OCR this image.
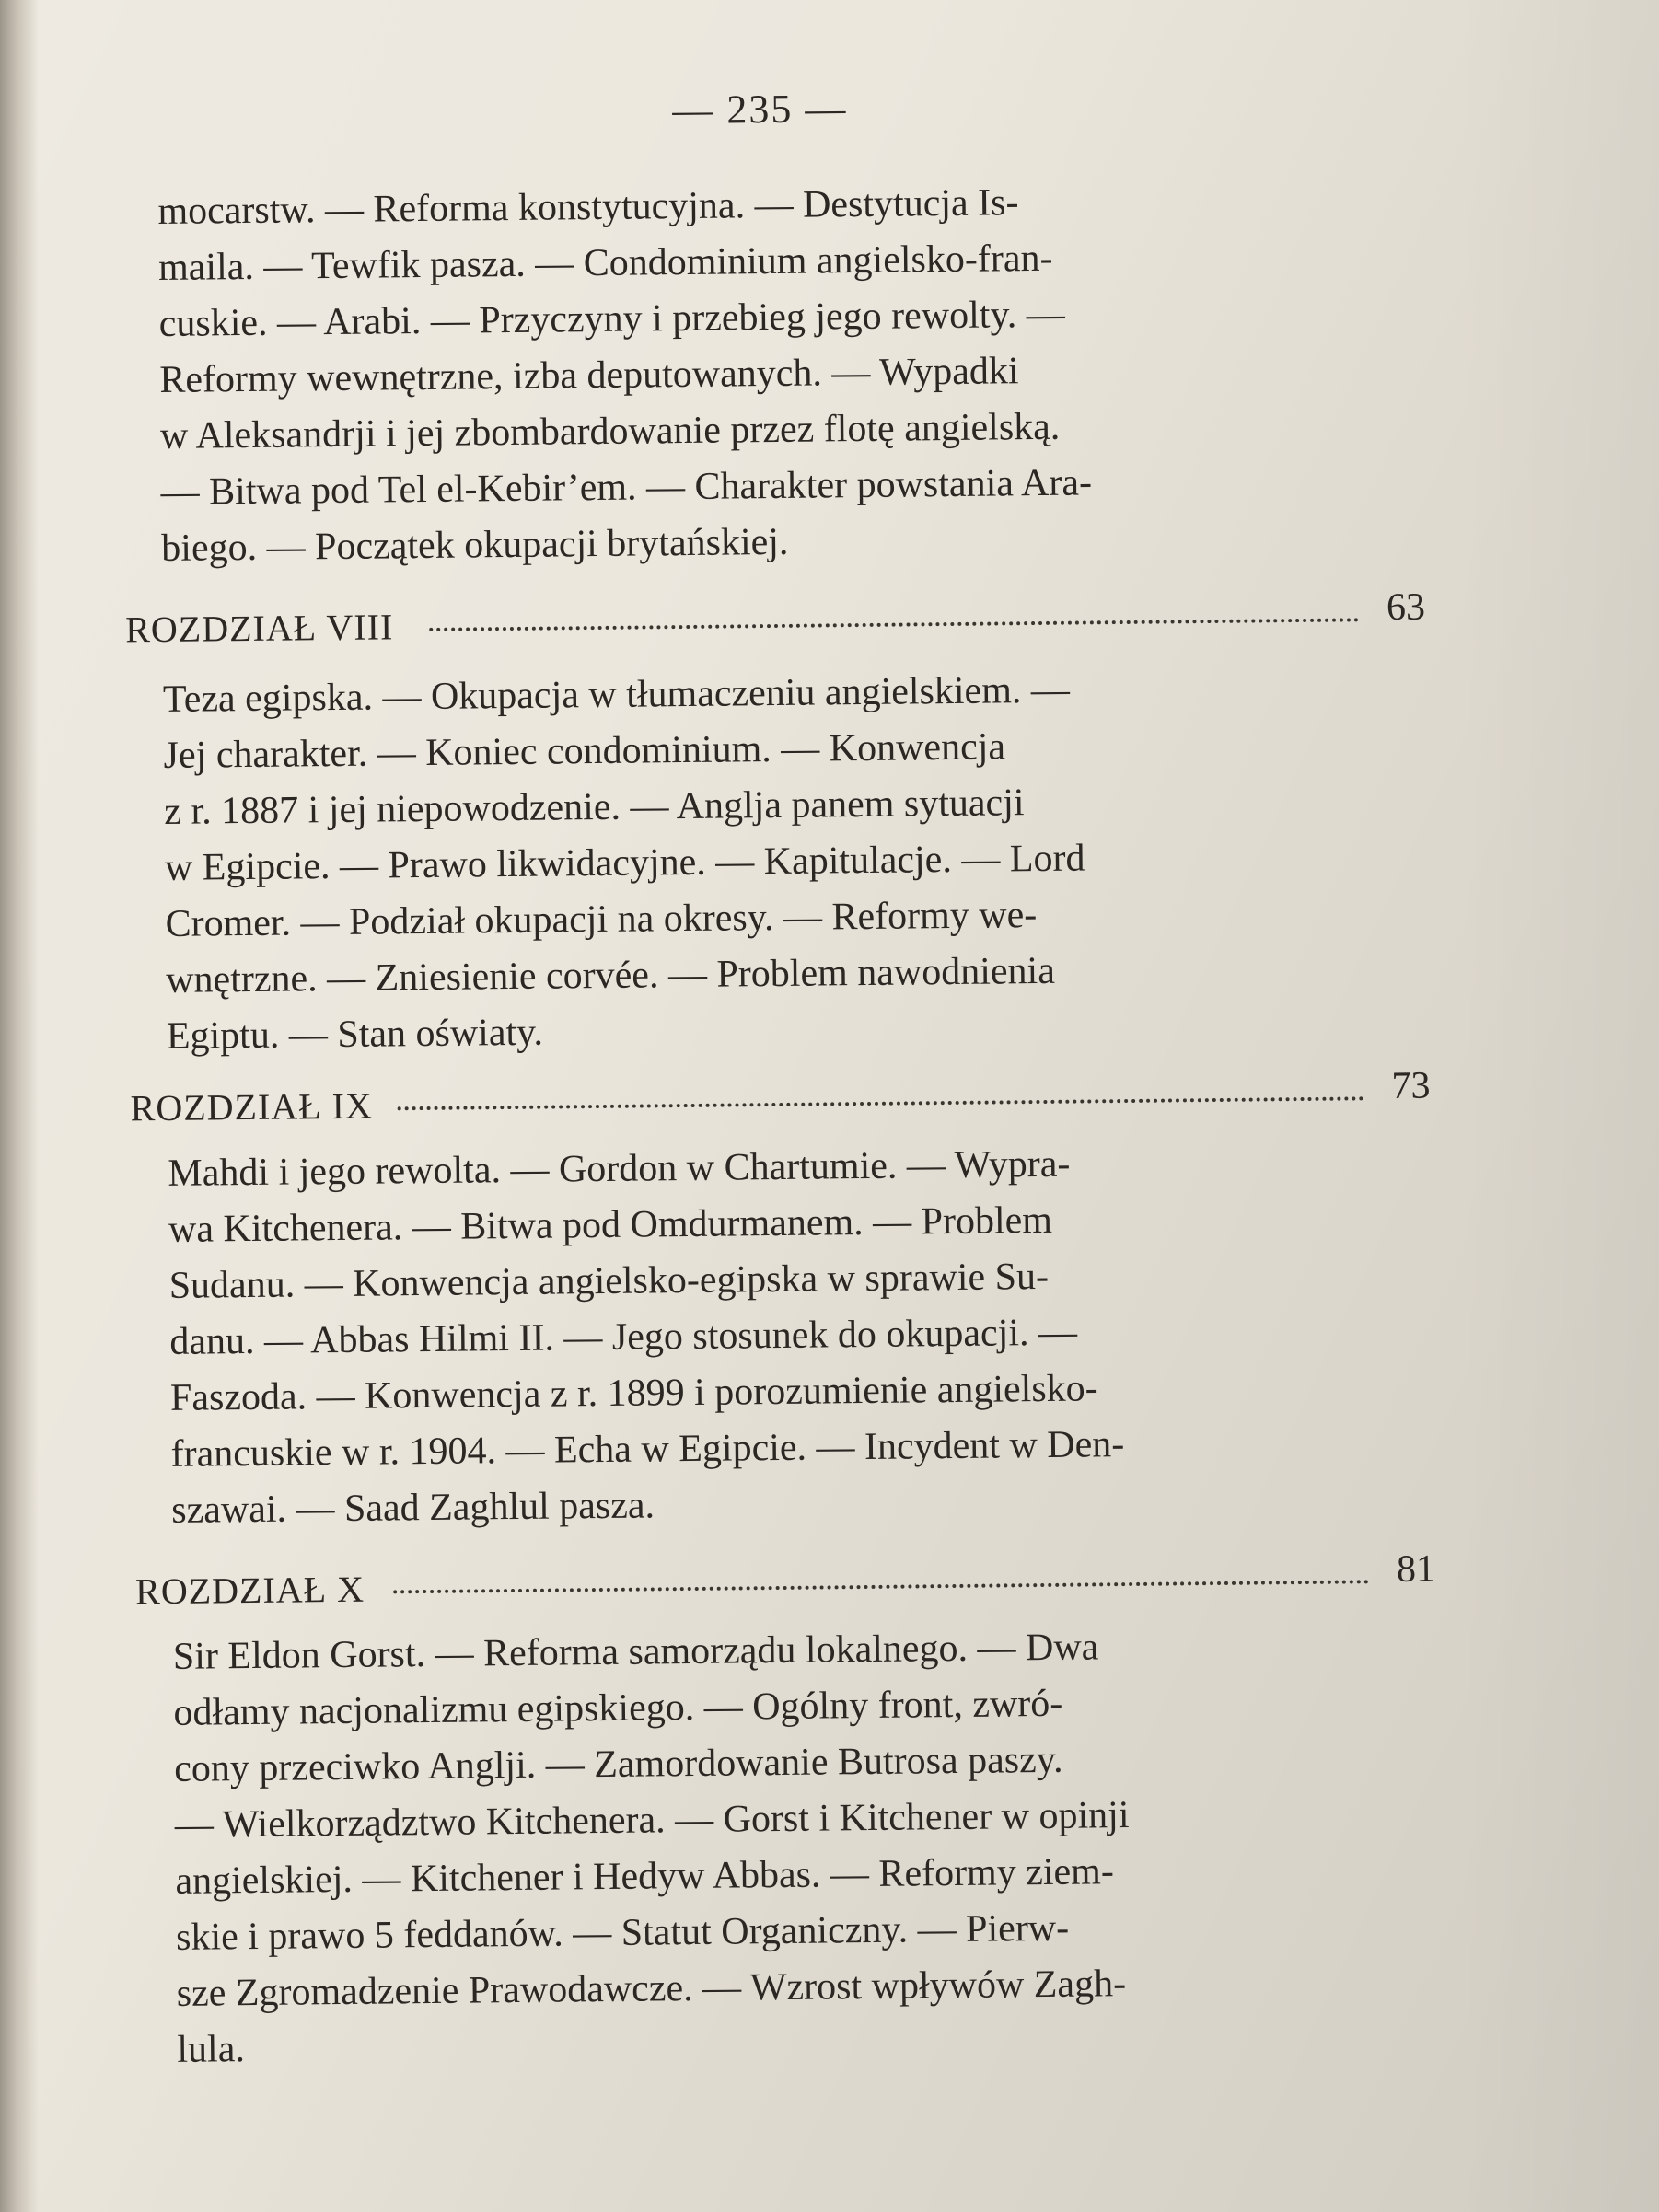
— 235 —
mocarstw. — Reforma konstytucyjna. — Destytucja Is-
maila. — Tewfik pasza. — Condominium angielsko-fran-
cuskie. — Arabi. — Przyczyny i przebieg jego rewolty. —
Reformy wewnętrzne, izba deputowanych. — Wypadki
w Aleksandrji i jej zbombardowanie przez flotę angielską.
— Bitwa pod Tel el-Kebir’em. — Charakter powstania Ara-
biego. — Początek okupacji brytańskiej.
ROZDZIAŁ VIII	63
Teza egipska. — Okupacja w tłumaczeniu angielskiem. —
Jej charakter. — Koniec condominium. — Konwencja
z r. 1887 i jej niepowodzenie. — Anglja panem sytuacji
w Egipcie. — Prawo likwidacyjne. — Kapitulacje. — Lord
Cromer. — Podział okupacji na okresy. — Reformy we-
wnętrzne. — Zniesienie corvée. — Problem nawodnienia
Egiptu. — Stan oświaty.
ROZDZIAŁ IX	73
Mahdi i jego rewolta. — Gordon w Chartumie. — Wypra-
wa Kitchenera. — Bitwa pod Omdurmanem. — Problem
Sudanu. — Konwencja angielsko-egipska w sprawie Su-
danu. — Abbas Hilmi II. — Jego stosunek do okupacji. —
Faszoda. — Konwencja z r. 1899 i porozumienie angielsko-
francuskie w r. 1904. — Echa w Egipcie. — Incydent w Den-
szawai. — Saad Zaghlul pasza.
ROZDZIAŁ X	81
Sir Eldon Gorst. — Reforma samorządu lokalnego. — Dwa
odłamy nacjonalizmu egipskiego. — Ogólny front, zwró-
cony przeciwko Anglji. — Zamordowanie Butrosa paszy.
— Wielkorządztwo Kitchenera. — Gorst i Kitchener w opinji
angielskiej. — Kitchener i Hedyw Abbas. — Reformy ziem-
skie i prawo 5 feddanów. — Statut Organiczny. — Pierw-
sze Zgromadzenie Prawodawcze. — Wzrost wpływów Zagh-
lula.
